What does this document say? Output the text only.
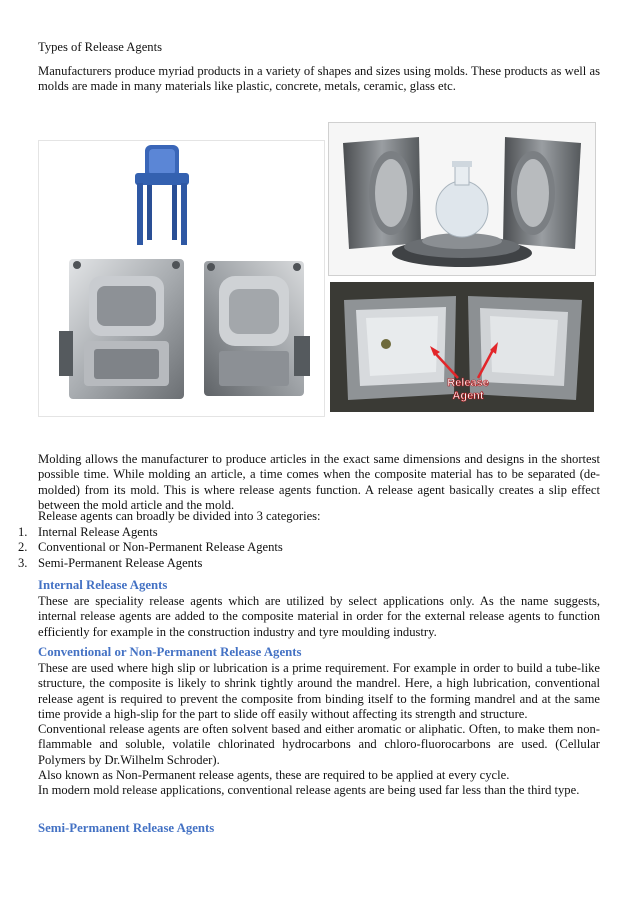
Types of Release Agents

Manufacturers produce myriad products in a variety of shapes and sizes using molds. These products as well as molds are made in many materials like plastic, concrete, metals, ceramic, glass etc.

Release
Agent

Molding allows the manufacturer to produce articles in the exact same dimensions and designs in the shortest possible time. While molding an article, a time comes when the composite material has to be separated (de-molded) from its mold. This is where release agents function. A release agent basically creates a slip effect between the mold article and the mold.

Release agents can broadly be divided into 3 categories:

1. Internal Release Agents
2. Conventional or Non-Permanent Release Agents
3. Semi-Permanent Release Agents

Internal Release Agents

These are speciality release agents which are utilized by select applications only. As the name suggests, internal release agents are added to the composite material in order for the external release agents to function efficiently for example in the construction industry and tyre moulding industry.

Conventional or Non-Permanent Release Agents

These are used where high slip or lubrication is a prime requirement. For example in order to build a tube-like structure, the composite is likely to shrink tightly around the mandrel. Here, a high lubrication, conventional release agent is required to prevent the composite from binding itself to the forming mandrel and at the same time provide a high-slip for the part to slide off easily without affecting its strength and structure.

Conventional release agents are often solvent based and either aromatic or aliphatic. Often, to make them non-flammable and soluble, volatile chlorinated hydrocarbons and chloro-fluorocarbons are used. (Cellular Polymers by Dr.Wilhelm Schroder).

Also known as Non-Permanent release agents, these are required to be applied at every cycle.

In modern mold release applications, conventional release agents are being used far less than the third type.

Semi-Permanent Release Agents
